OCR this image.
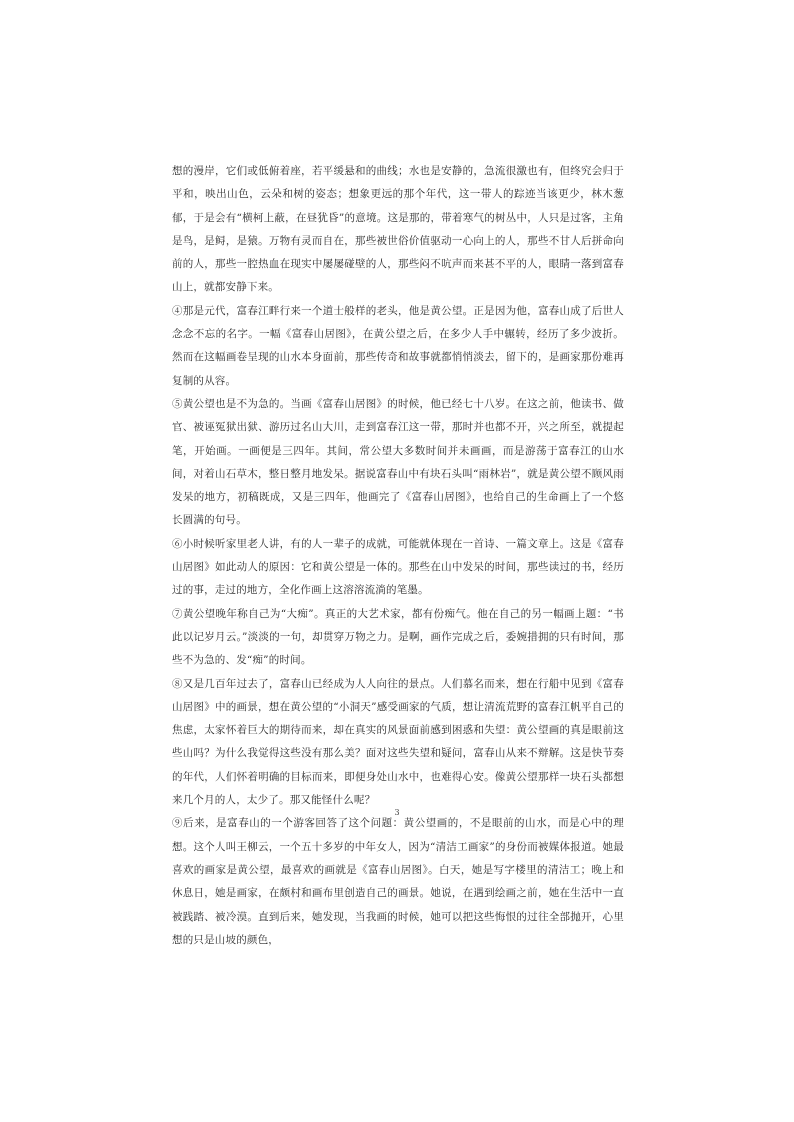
想的漫岸，它们或低俯着座，若平缓悬和的曲线；水也是安静的，急流很激也有，但终究会归于平和，映出山色，云朵和树的姿态；想象更远的那个年代，这一带人的踪迹当该更少，林木葱郁，于是会有“横柯上蔽，在昼犹昏”的意境。这是那的，带着寒气的树丛中，人只是过客，主角是鸟，是鲟，是猿。万物有灵而自在，那些被世俗价值驱动一心向上的人，那些不甘人后拼命向前的人，那些一腔热血在现实中屡屡碰壁的人，那些闷不吭声而来甚不平的人，眼睛一落到富春山上，就都安静下来。

④那是元代，富春江畔行来一个道士般样的老头，他是黄公望。正是因为他，富春山成了后世人念念不忘的名字。一幅《富春山居图》，在黄公望之后，在多少人手中辗转，经历了多少波折。然而在这幅画卷呈现的山水本身面前，那些传奇和故事就都悄悄淡去，留下的，是画家那份难再复制的从容。

⑤黄公望也是不为急的。当画《富春山居图》的时候，他已经七十八岁。在这之前，他读书、做官、被诬冤狱出狱、游历过名山大川，走到富春江这一带，那时并也都不开，兴之所至，就提起笔，开始画。一画便是三四年。其间，常公望大多数时间并未画画，而是游荡于富春江的山水间，对着山石草木，整日整月地发呆。据说富春山中有块石头叫“雨林岩”，就是黄公望不顾风雨发呆的地方，初稿既成，又是三四年，他画完了《富春山居图》，也给自己的生命画上了一个悠长圆满的句号。

⑥小时候听家里老人讲，有的人一辈子的成就，可能就体现在一首诗、一篇文章上。这是《富春山居图》如此动人的原因：它和黄公望是一体的。那些在山中发呆的时间，那些读过的书，经历过的事，走过的地方，全化作画上这溶溶流淌的笔墨。

⑦黄公望晚年称自己为“大痴”。真正的大艺术家，都有份痴气。他在自己的另一幅画上题：“书此以记岁月云。”淡淡的一句，却贯穿万物之力。是啊，画作完成之后，委婉措拥的只有时间，那些不为急的、发“痴”的时间。

⑧又是几百年过去了，富春山已经成为人人向往的景点。人们慕名而来，想在行船中见到《富春山居图》中的画景，想在黄公望的“小洞天”感受画家的气质，想让清流荒野的富春江帆平自己的焦虑，太家怀着巨大的期待而来，却在真实的风景面前感到困惑和失望：黄公望画的真是眼前这些山吗？为什么我觉得这些没有那么美？面对这些失望和疑问，富春山从来不辩解。这是快节奏的年代，人们怀着明确的目标而来，即便身处山水中，也难得心安。像黄公望那样一块石头都想来几个月的人，太少了。那又能怪什么呢？

⑨后来，是富春山的一个游客回答了这个问题：黄公望画的，不是眼前的山水，而是心中的理想。这个人叫王柳云，一个五十多岁的中年女人，因为“清洁工画家”的身份而被媒体报道。她最喜欢的画家是黄公望，最喜欢的画就是《富春山居图》。白天，她是写字楼里的清洁工；晚上和休息日，她是画家，在颇村和画布里创造自己的画景。她说，在遇到绘画之前，她在生活中一直被践踏、被冷漠。直到后来，她发现，当我画的时候，她可以把这些悔恨的过往全部抛开，心里想的只是山坡的颜色，

3
